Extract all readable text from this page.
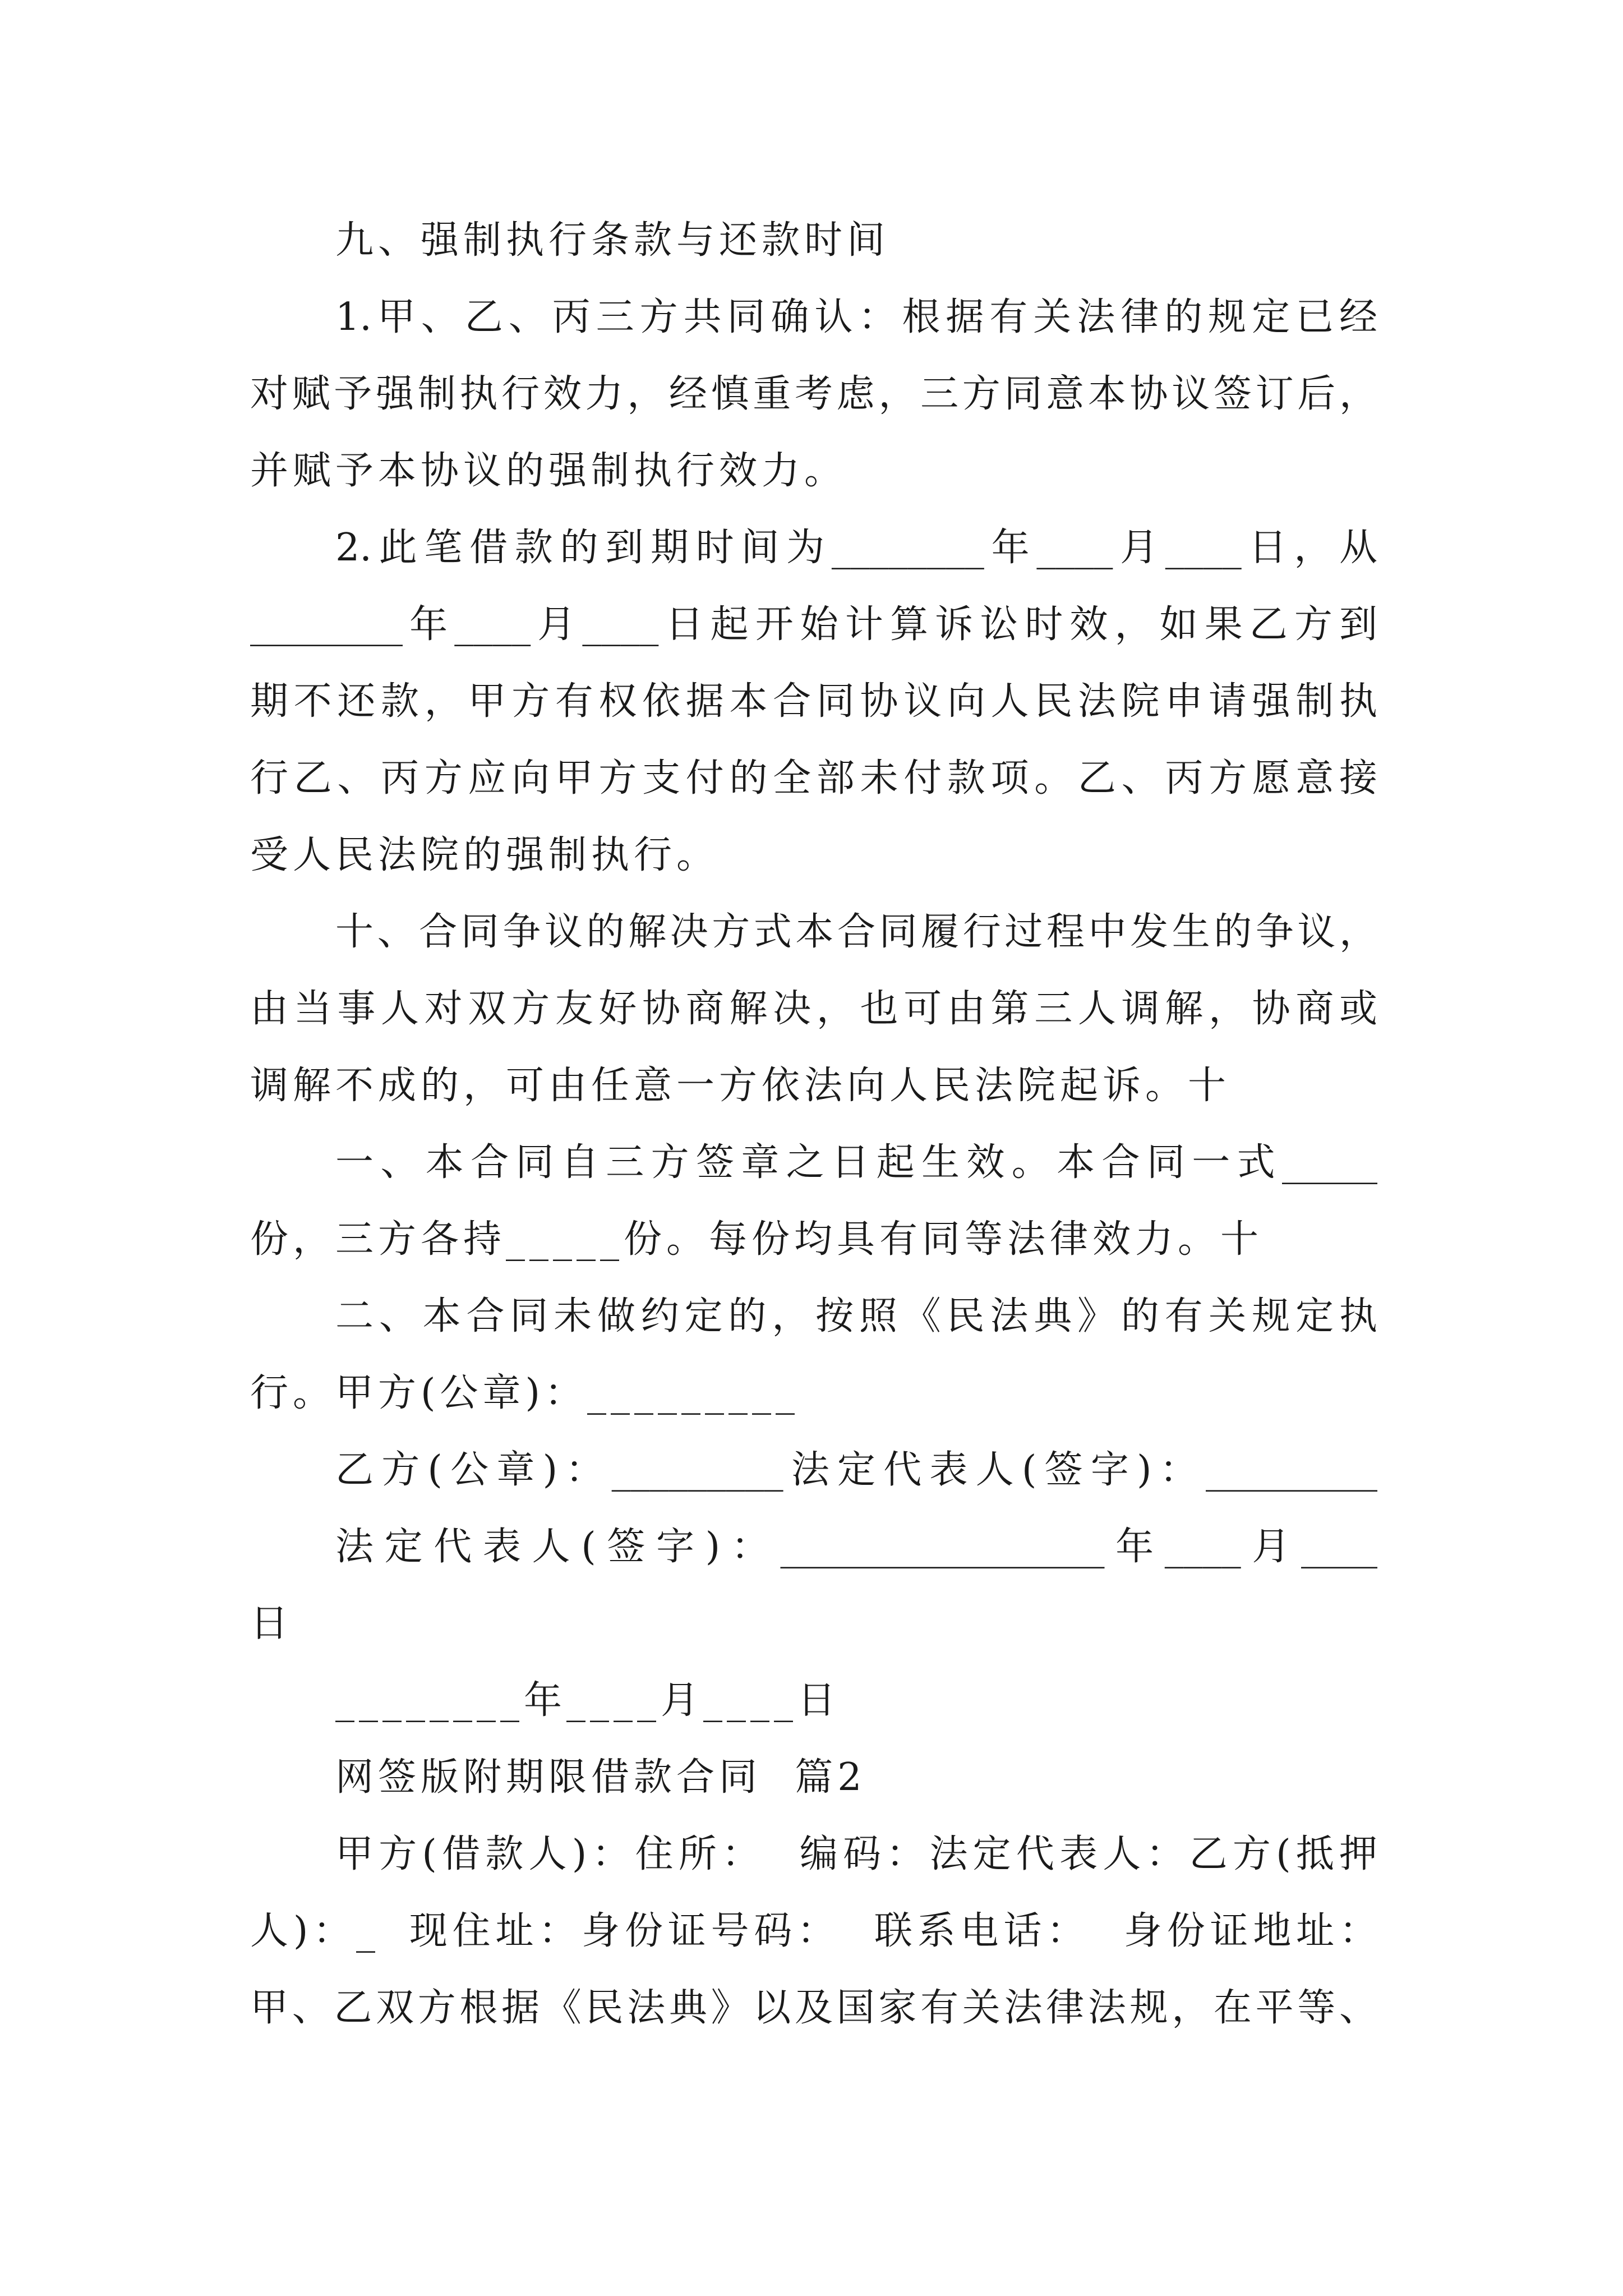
九、强制执行条款与还款时间
1.甲、乙、丙三方共同确认：根据有关法律的规定已经
对赋予强制执行效力，经慎重考虑，三方同意本协议签订后，
并赋予本协议的强制执行效力。
2.此笔借款的到期时间为________年____月____日，从
________年____月____日起开始计算诉讼时效，如果乙方到
期不还款，甲方有权依据本合同协议向人民法院申请强制执
行乙、丙方应向甲方支付的全部未付款项。乙、丙方愿意接
受人民法院的强制执行。
十、合同争议的解决方式本合同履行过程中发生的争议，
由当事人对双方友好协商解决，也可由第三人调解，协商或
调解不成的，可由任意一方依法向人民法院起诉。十
一、本合同自三方签章之日起生效。本合同一式_____
份，三方各持_____份。每份均具有同等法律效力。十
二、本合同未做约定的，按照《民法典》的有关规定执
行。甲方(公章)：_________
乙方(公章)：_________法定代表人(签字)：_________
法定代表人(签字)：_________________年____月____
日
________年____月____日
网签版附期限借款合同  篇2
甲方(借款人)：住所：  编码：法定代表人：乙方(抵押
人)：_  现住址：身份证号码：  联系电话：  身份证地址：
甲、乙双方根据《民法典》以及国家有关法律法规，在平等、
